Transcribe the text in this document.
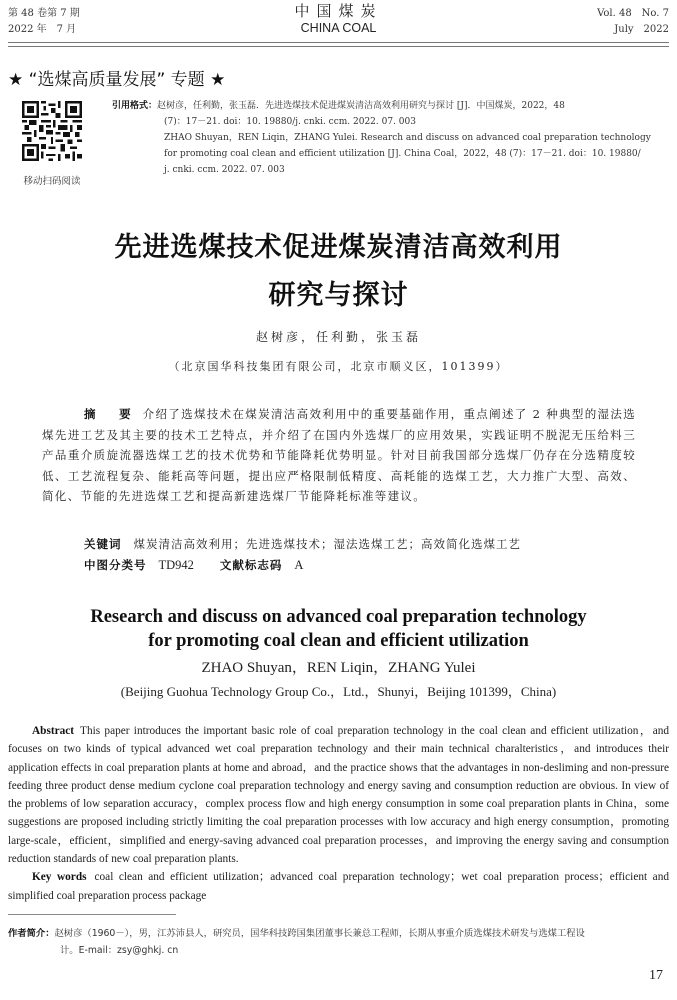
第 48 卷第 7 期
2022 年　7 月
中国煤炭
CHINA COAL
Vol. 48　No. 7
July　2022
★ “选煤高质量发展” 专题 ★
移动扫码阅读
引用格式：赵树彦，任利勤，张玉磊．先进选煤技术促进煤炭清洁高效利用研究与探讨 [J]．中国煤炭，2022，48
(7)：17－21. doi：10. 19880/j. cnki. ccm. 2022. 07. 003
ZHAO Shuyan，REN Liqin，ZHANG Yulei. Research and discuss on advanced coal preparation technology
for promoting coal clean and efficient utilization [J]. China Coal，2022，48 (7)：17－21. doi：10. 19880/
j. cnki. ccm. 2022. 07. 003
先进选煤技术促进煤炭清洁高效利用
研究与探讨
赵树彦，任利勤，张玉磊
（北京国华科技集团有限公司，北京市顺义区，101399）
摘　要 介绍了选煤技术在煤炭清洁高效利用中的重要基础作用，重点阐述了 2 种典型的湿法选煤先进工艺及其主要的技术工艺特点，并介绍了在国内外选煤厂的应用效果，实践证明不脱泥无压给料三产品重介质旋流器选煤工艺的技术优势和节能降耗优势明显。针对目前我国部分选煤厂仍存在分选精度较低、工艺流程复杂、能耗高等问题，提出应严格限制低精度、高耗能的选煤工艺，大力推广大型、高效、简化、节能的先进选煤工艺和提高新建选煤厂节能降耗标准等建议。
关键词 煤炭清洁高效利用；先进选煤技术；湿法选煤工艺；高效简化选煤工艺
中图分类号 TD942 文献标志码 A
Research and discuss on advanced coal preparation technology
for promoting coal clean and efficient utilization
ZHAO Shuyan，REN Liqin，ZHANG Yulei
(Beijing Guohua Technology Group Co.，Ltd.，Shunyi，Beijing 101399，China)
Abstract This paper introduces the important basic role of coal preparation technology in the coal clean and efficient utilization，and focuses on two kinds of typical advanced wet coal preparation technology and their main technical charalteristics，and introduces their application effects in coal preparation plants at home and abroad，and the practice shows that the advantages in non-desliming and non-pressure feeding three product dense medium cyclone coal preparation technology and energy saving and consumption reduction are obvious. In view of the problems of low separation accuracy，complex process flow and high energy consumption in some coal preparation plants in China，some suggestions are proposed including strictly limiting the coal preparation processes with low accuracy and high energy consumption，promoting large-scale，efficient，simplified and energy-saving advanced coal preparation processes，and improving the energy saving and consumption reduction standards of new coal preparation plants.
Key words coal clean and efficient utilization；advanced coal preparation technology；wet coal preparation process；efficient and simplified coal preparation process package
作者简介：赵树彦（1960－），男，江苏沛县人，研究员，国华科技跨国集团董事长兼总工程师，长期从事重介质选煤技术研发与选煤工程设
计。E-mail：zsy@ghkj. cn
17
